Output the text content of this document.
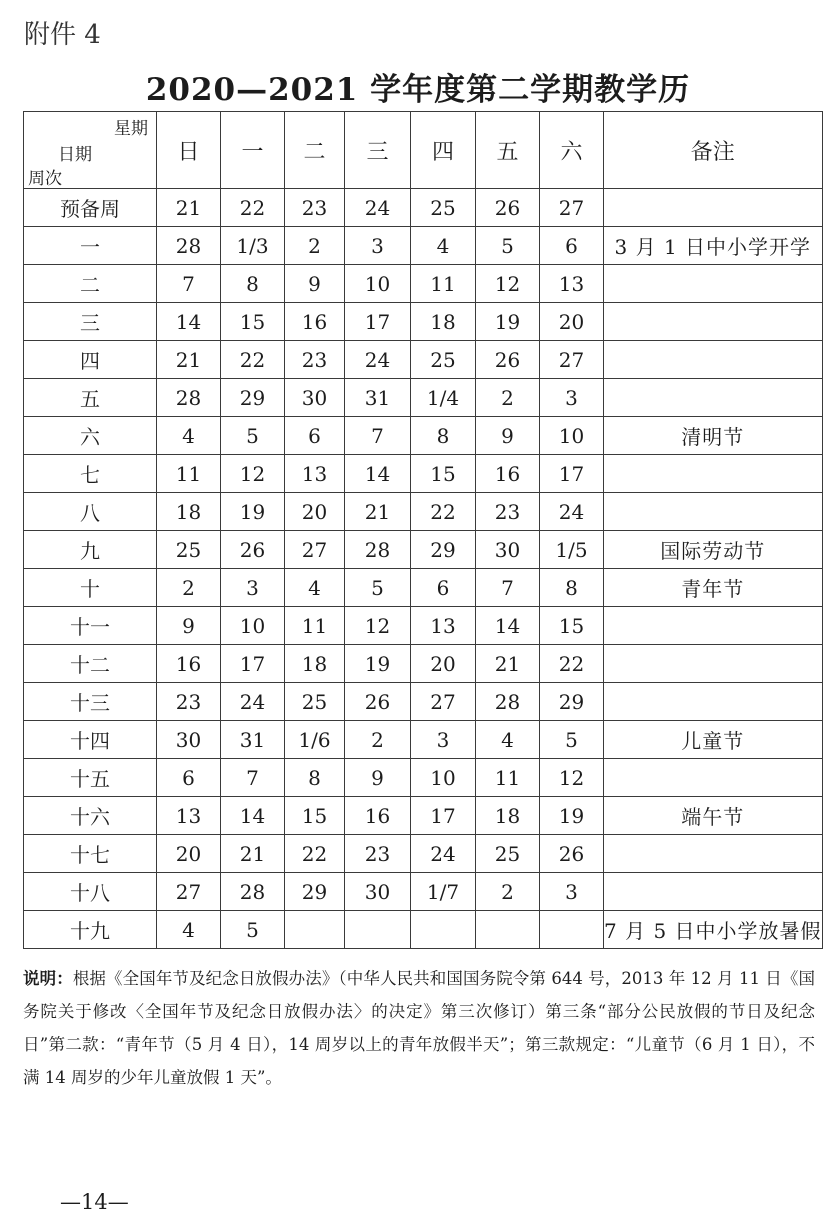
附件 4
2020—2021 学年度第二学期教学历
星期
日期
周次	日	一	二	三	四	五	六	备注
预备周	21	22	23	24	25	26	27	
一	28	1/3	2	3	4	5	6	3 月 1 日中小学开学
二	7	8	9	10	11	12	13	
三	14	15	16	17	18	19	20	
四	21	22	23	24	25	26	27	
五	28	29	30	31	1/4	2	3	
六	4	5	6	7	8	9	10	清明节
七	11	12	13	14	15	16	17	
八	18	19	20	21	22	23	24	
九	25	26	27	28	29	30	1/5	国际劳动节
十	2	3	4	5	6	7	8	青年节
十一	9	10	11	12	13	14	15	
十二	16	17	18	19	20	21	22	
十三	23	24	25	26	27	28	29	
十四	30	31	1/6	2	3	4	5	儿童节
十五	6	7	8	9	10	11	12	
十六	13	14	15	16	17	18	19	端午节
十七	20	21	22	23	24	25	26	
十八	27	28	29	30	1/7	2	3	
十九	4	5						7 月 5 日中小学放暑假
说明：根据《全国年节及纪念日放假办法》（中华人民共和国国务院令第 644 号，2013 年 12 月 11 日《国务院关于修改〈全国年节及纪念日放假办法〉的决定》第三次修订）第三条“部分公民放假的节日及纪念日”第二款：“青年节（5 月 4 日），14 周岁以上的青年放假半天”；第三款规定：“儿童节（6 月 1 日），不满 14 周岁的少年儿童放假 1 天”。
—14—
